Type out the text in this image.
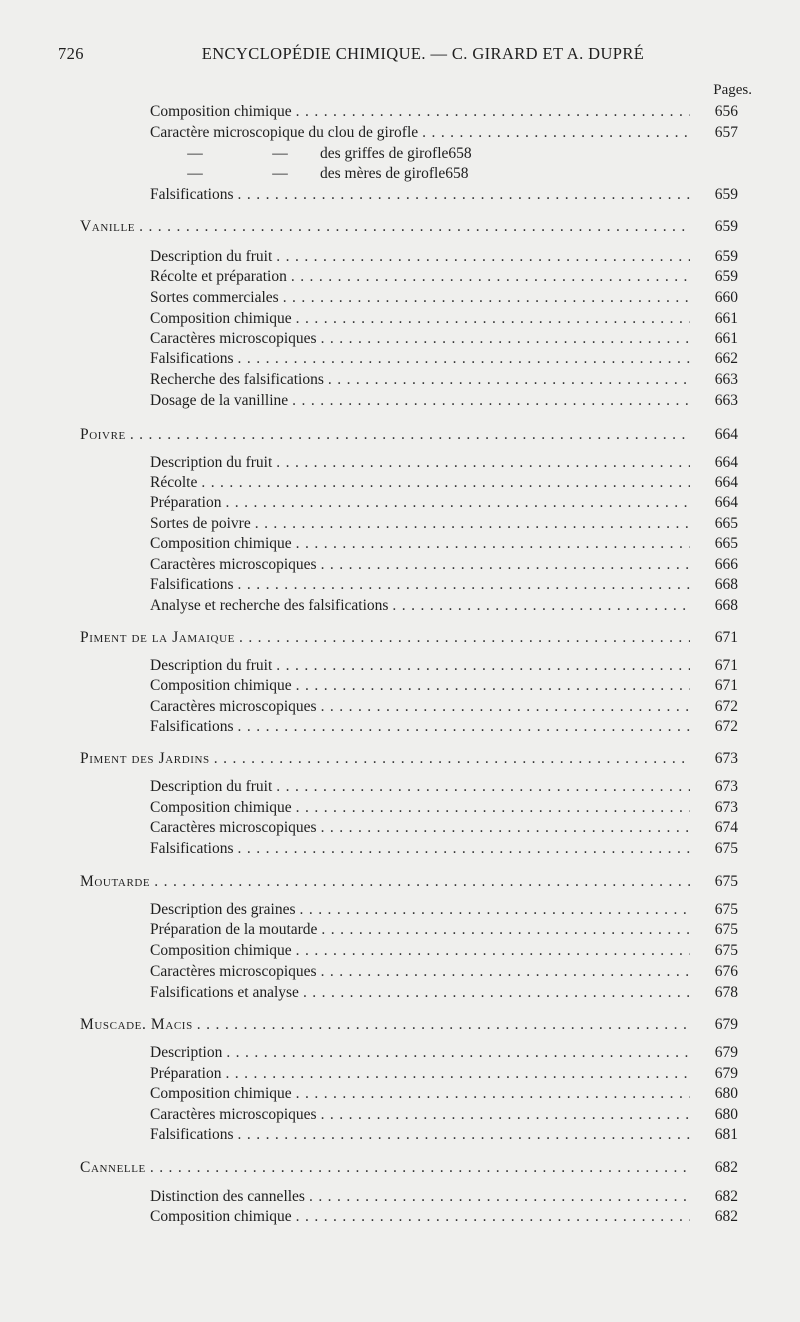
726	ENCYCLOPÉDIE CHIMIQUE. — C. GIRARD ET A. DUPRÉ
Pages.
Composition chimique . . .	656
Caractère microscopique du clou de girofle . . .	657
—	—	des griffes de girofle 658
—	—	des mères de girofle 658
Falsifications . . .	659
Vanille . . .	659
Description du fruit . . .	659
Récolte et préparation . . .	659
Sortes commerciales . . .	660
Composition chimique . . .	661
Caractères microscopiques . . .	661
Falsifications . . .	662
Recherche des falsifications . . .	663
Dosage de la vanilline . . .	663
Poivre . . .	664
Description du fruit . . .	664
Récolte . . .	664
Préparation . . .	664
Sortes de poivre . . .	665
Composition chimique . . .	665
Caractères microscopiques . . .	666
Falsifications . . .	668
Analyse et recherche des falsifications . . .	668
Piment de la Jamaique . . .	671
Description du fruit . . .	671
Composition chimique . . .	671
Caractères microscopiques . . .	672
Falsifications . . .	672
Piment des Jardins . . .	673
Description du fruit . . .	673
Composition chimique . . .	673
Caractères microscopiques . . .	674
Falsifications . . .	675
Moutarde . . .	675
Description des graines . . .	675
Préparation de la moutarde . . .	675
Composition chimique . . .	675
Caractères microscopiques . . .	676
Falsifications et analyse . . .	678
Muscade. Macis . . .	679
Description . . .	679
Préparation . . .	679
Composition chimique . . .	680
Caractères microscopiques . . .	680
Falsifications . . .	681
Cannelle . . .	682
Distinction des cannelles . . .	682
Composition chimique . . .	682
